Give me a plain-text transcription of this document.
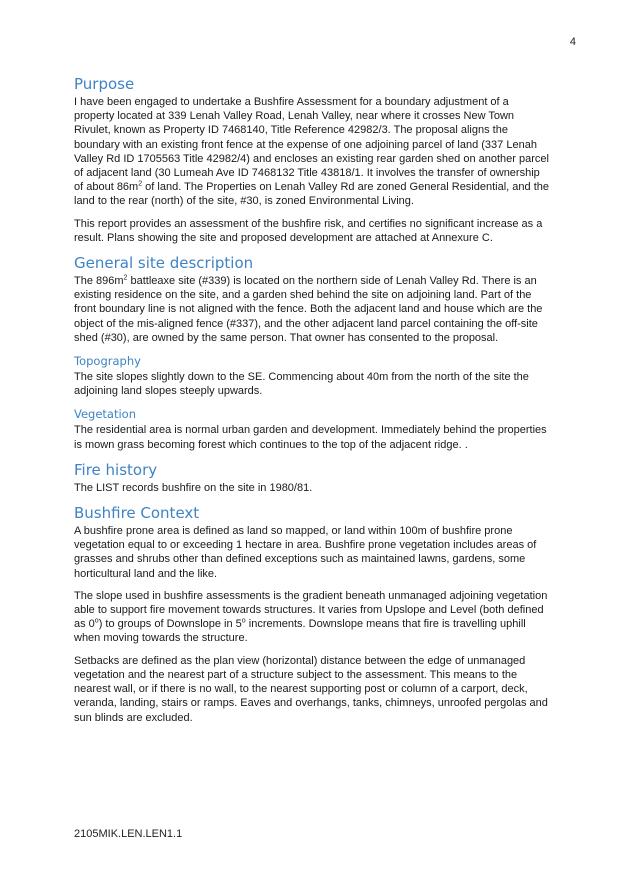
4
Purpose

I have been engaged to undertake a Bushfire Assessment for a boundary adjustment of a property located at 339 Lenah Valley Road, Lenah Valley, near where it crosses New Town Rivulet, known as Property ID 7468140, Title Reference 42982/3. The proposal aligns the boundary with an existing front fence at the expense of one adjoining parcel of land (337 Lenah Valley Rd ID 1705563 Title 42982/4) and encloses an existing rear garden shed on another parcel of adjacent land (30 Lumeah Ave ID 7468132 Title 43818/1. It involves the transfer of ownership of about $86m^2$ of land. The Properties on Lenah Valley Rd are zoned General Residential, and the land to the rear (north) of the site, #30, is zoned Environmental Living.

This report provides an assessment of the bushfire risk, and certifies no significant increase as a result. Plans showing the site and proposed development are attached at Annexure C.

General site description

The $896m^2$ battleaxe site (#339) is located on the northern side of Lenah Valley Rd. There is an existing residence on the site, and a garden shed behind the site on adjoining land. Part of the front boundary line is not aligned with the fence. Both the adjacent land and house which are the object of the mis-aligned fence (#337), and the other adjacent land parcel containing the off-site shed (#30), are owned by the same person. That owner has consented to the proposal.

Topography

The site slopes slightly down to the SE. Commencing about 40m from the north of the site the adjoining land slopes steeply upwards.

Vegetation

The residential area is normal urban garden and development. Immediately behind the properties is mown grass becoming forest which continues to the top of the adjacent ridge. .

Fire history

The LIST records bushfire on the site in 1980/81.

Bushfire Context

A bushfire prone area is defined as land so mapped, or land within 100m of bushfire prone vegetation equal to or exceeding 1 hectare in area. Bushfire prone vegetation includes areas of grasses and shrubs other than defined exceptions such as maintained lawns, gardens, some horticultural land and the like.

The slope used in bushfire assessments is the gradient beneath unmanaged adjoining vegetation able to support fire movement towards structures. It varies from Upslope and Level (both defined as 0$^o$) to groups of Downslope in 5$^o$ increments. Downslope means that fire is travelling uphill when moving towards the structure.

Setbacks are defined as the plan view (horizontal) distance between the edge of unmanaged vegetation and the nearest part of a structure subject to the assessment. This means to the nearest wall, or if there is no wall, to the nearest supporting post or column of a carport, deck, veranda, landing, stairs or ramps. Eaves and overhangs, tanks, chimneys, unroofed pergolas and sun blinds are excluded.

2105MIK.LEN.LEN1.1
